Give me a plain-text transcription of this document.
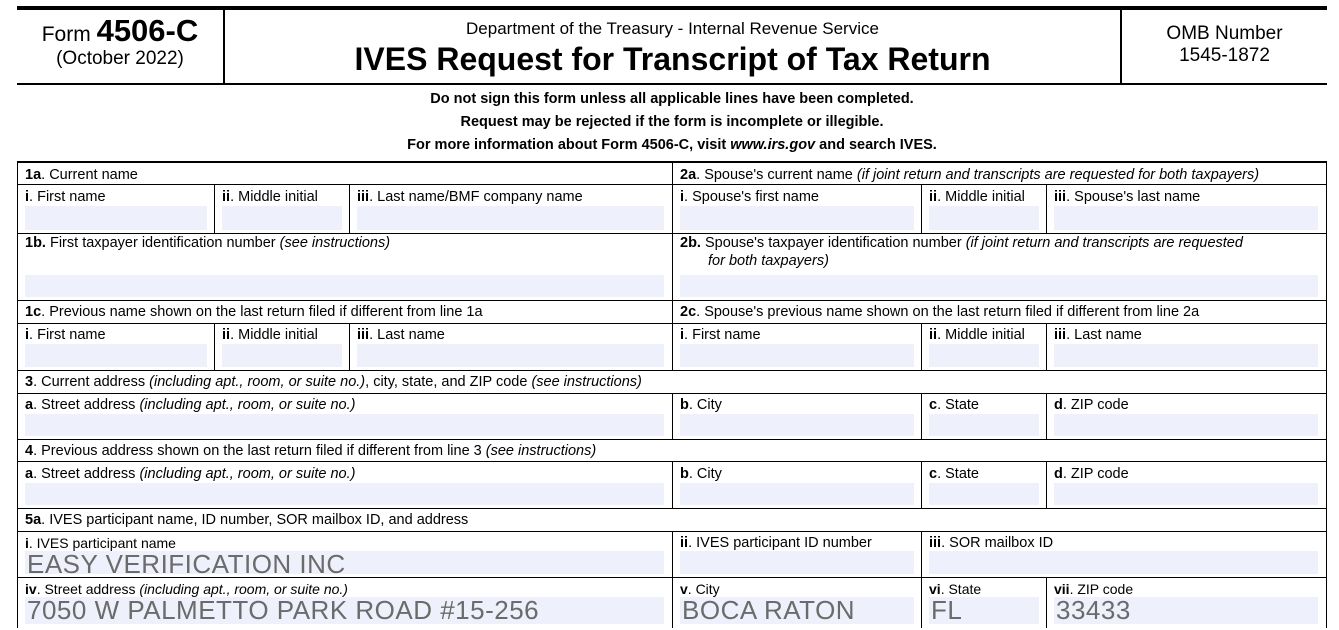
Form 4506-C
(October 2022)
Department of the Treasury - Internal Revenue Service
IVES Request for Transcript of Tax Return
OMB Number
1545-1872
Do not sign this form unless all applicable lines have been completed.
Request may be rejected if the form is incomplete or illegible.
For more information about Form 4506-C, visit www.irs.gov and search IVES.
1a. Current name	2a. Spouse's current name (if joint return and transcripts are requested for both taxpayers)
i. First name	ii. Middle initial	iii. Last name/BMF company name	i. Spouse's first name	ii. Middle initial iii. Spouse's last name
1b. First taxpayer identification number (see instructions)	2b. Spouse's taxpayer identification number (if joint return and transcripts are requested
for both taxpayers)
1c. Previous name shown on the last return filed if different from line 1a	2c. Spouse's previous name shown on the last return filed if different from line 2a
i. First name	ii. Middle initial	iii. Last name	i. First name	ii. Middle initial iii. Last name
3. Current address (including apt., room, or suite no.), city, state, and ZIP code (see instructions)
a. Street address (including apt., room, or suite no.)	b. City	c. State	d. ZIP code
4. Previous address shown on the last return filed if different from line 3 (see instructions)
a. Street address (including apt., room, or suite no.)	b. City	c. State	d. ZIP code
5a. IVES participant name, ID number, SOR mailbox ID, and address
i. IVES participant name	ii. IVES participant ID number	iii. SOR mailbox ID
EASY VERIFICATION INC
iv. Street address (including apt., room, or suite no.)	v. City	vi. State	vii. ZIP code
7050 W PALMETTO PARK ROAD #15-256	BOCA RATON	FL	33433
